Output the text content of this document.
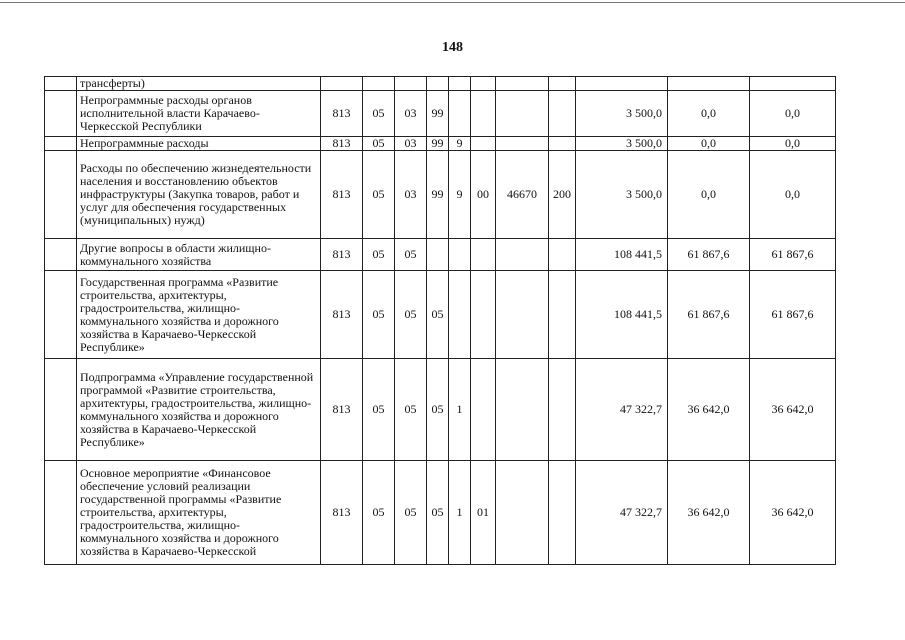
148
	трансферты)											
	Непрограммные расходы органов исполнительной власти Карачаево-Черкесской Республики	813	05	03	99					3 500,0	0,0	0,0
	Непрограммные расходы	813	05	03	99	9				3 500,0	0,0	0,0
	Расходы по обеспечению жизнедеятельности населения и восстановлению объектов инфраструктуры (Закупка товаров, работ и услуг для обеспечения государственных (муниципальных) нужд)	813	05	03	99	9	00	46670	200	3 500,0	0,0	0,0
	Другие вопросы в области жилищно-коммунального хозяйства	813	05	05						108 441,5	61 867,6	61 867,6
	Государственная программа «Развитие строительства, архитектуры, градостроительства, жилищно-коммунального хозяйства и дорожного хозяйства в Карачаево-Черкесской Республике»	813	05	05	05					108 441,5	61 867,6	61 867,6
	Подпрограмма «Управление государственной программой «Развитие строительства, архитектуры, градостроительства, жилищно-коммунального хозяйства и дорожного хозяйства в Карачаево-Черкесской Республике»	813	05	05	05	1				47 322,7	36 642,0	36 642,0
	Основное мероприятие «Финансовое обеспечение условий реализации государственной программы «Развитие строительства, архитектуры, градостроительства, жилищно-коммунального хозяйства и дорожного хозяйства в Карачаево-Черкесской	813	05	05	05	1	01			47 322,7	36 642,0	36 642,0
